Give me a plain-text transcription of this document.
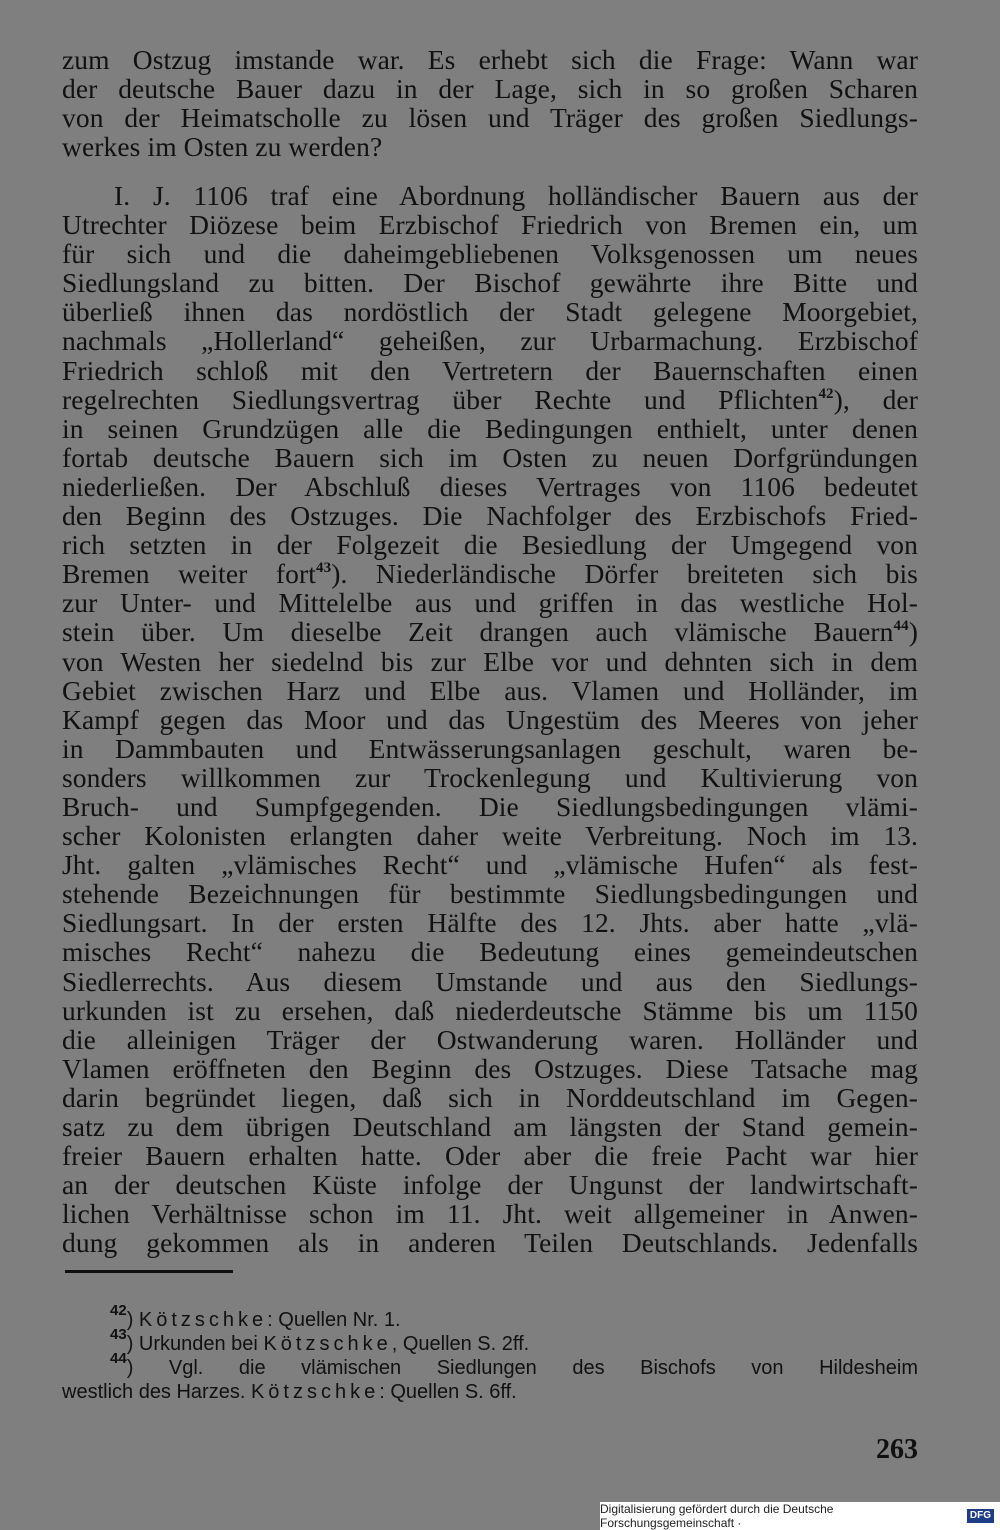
zum Ostzug imstande war. Es erhebt sich die Frage: Wann war
der deutsche Bauer dazu in der Lage, sich in so großen Scharen
von der Heimatscholle zu lösen und Träger des großen Siedlungs-
werkes im Osten zu werden?
I. J. 1106 traf eine Abordnung holländischer Bauern aus der
Utrechter Diözese beim Erzbischof Friedrich von Bremen ein, um
für sich und die daheimgebliebenen Volksgenossen um neues
Siedlungsland zu bitten. Der Bischof gewährte ihre Bitte und
überließ ihnen das nordöstlich der Stadt gelegene Moorgebiet,
nachmals „Hollerland“ geheißen, zur Urbarmachung. Erzbischof
Friedrich schloß mit den Vertretern der Bauernschaften einen
regelrechten Siedlungsvertrag über Rechte und Pflichten$^{42}$), der
in seinen Grundzügen alle die Bedingungen enthielt, unter denen
fortab deutsche Bauern sich im Osten zu neuen Dorfgründungen
niederließen. Der Abschluß dieses Vertrages von 1106 bedeutet
den Beginn des Ostzuges. Die Nachfolger des Erzbischofs Fried-
rich setzten in der Folgezeit die Besiedlung der Umgegend von
Bremen weiter fort$^{43}$). Niederländische Dörfer breiteten sich bis
zur Unter- und Mittelelbe aus und griffen in das westliche Hol-
stein über. Um dieselbe Zeit drangen auch vlämische Bauern$^{44}$)
von Westen her siedelnd bis zur Elbe vor und dehnten sich in dem
Gebiet zwischen Harz und Elbe aus. Vlamen und Holländer, im
Kampf gegen das Moor und das Ungestüm des Meeres von jeher
in Dammbauten und Entwässerungsanlagen geschult, waren be-
sonders willkommen zur Trockenlegung und Kultivierung von
Bruch- und Sumpfgegenden. Die Siedlungsbedingungen vlämi-
scher Kolonisten erlangten daher weite Verbreitung. Noch im 13.
Jht. galten „vlämisches Recht“ und „vlämische Hufen“ als fest-
stehende Bezeichnungen für bestimmte Siedlungsbedingungen und
Siedlungsart. In der ersten Hälfte des 12. Jhts. aber hatte „vlä-
misches Recht“ nahezu die Bedeutung eines gemeindeutschen
Siedlerrechts. Aus diesem Umstande und aus den Siedlungs-
urkunden ist zu ersehen, daß niederdeutsche Stämme bis um 1150
die alleinigen Träger der Ostwanderung waren. Holländer und
Vlamen eröffneten den Beginn des Ostzuges. Diese Tatsache mag
darin begründet liegen, daß sich in Norddeutschland im Gegen-
satz zu dem übrigen Deutschland am längsten der Stand gemein-
freier Bauern erhalten hatte. Oder aber die freie Pacht war hier
an der deutschen Küste infolge der Ungunst der landwirtschaft-
lichen Verhältnisse schon im 11. Jht. weit allgemeiner in Anwen-
dung gekommen als in anderen Teilen Deutschlands. Jedenfalls
$^{42}$) Kötzschke: Quellen Nr. 1.
$^{43}$) Urkunden bei Kötzschke, Quellen S. 2ff.
$^{44}$) Vgl. die vlämischen Siedlungen des Bischofs von Hildesheim
westlich des Harzes. Kötzschke: Quellen S. 6ff.
263
Digitalisierung gefördert durch die Deutsche Forschungsgemeinschaft ·
DFG
